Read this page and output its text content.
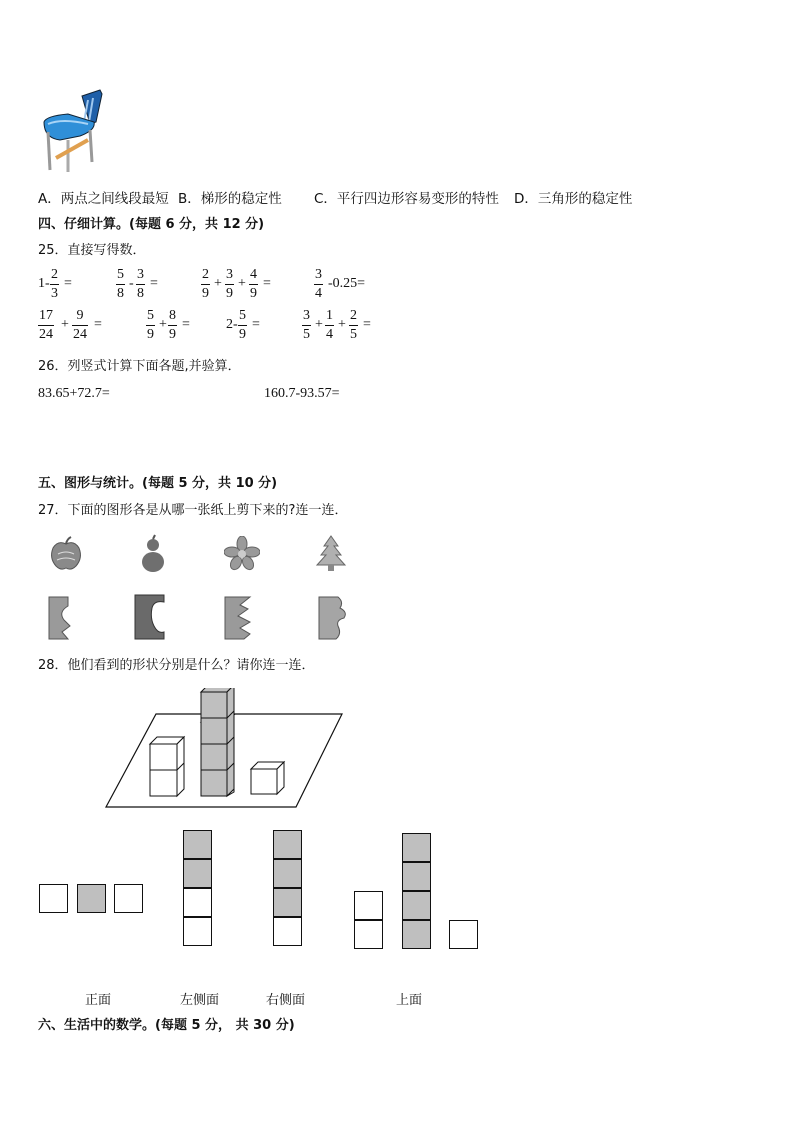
A．两点之间线段最短 B．梯形的稳定性 C．平行四边形容易变形的特性 D．三角形的稳定性
四、仔细计算。(每题 6 分，共 12 分)
25．直接写得数．
$1- \frac{2}{3}$ =	$\frac{5}{8} - \frac{3}{8}$ =	$\frac{2}{9} + \frac{3}{9} + \frac{4}{9}$ =	$\frac{3}{4} -0.25=$
$\frac{17}{24} + \frac{9}{24}$ =	$\frac{5}{9} + \frac{8}{9}$ =	$2- \frac{5}{9}$ =	$\frac{3}{5} + \frac{1}{4} + \frac{2}{5}$ =
26．列竖式计算下面各题,并验算．
83.65+72.7=	160.7-93.57=
五、图形与统计。(每题 5 分，共 10 分)
27．下面的图形各是从哪一张纸上剪下来的?连一连．
28．他们看到的形状分别是什么？请你连一连．
正面	左侧面	右侧面	上面
六、生活中的数学。(每题 5 分， 共 30 分)
